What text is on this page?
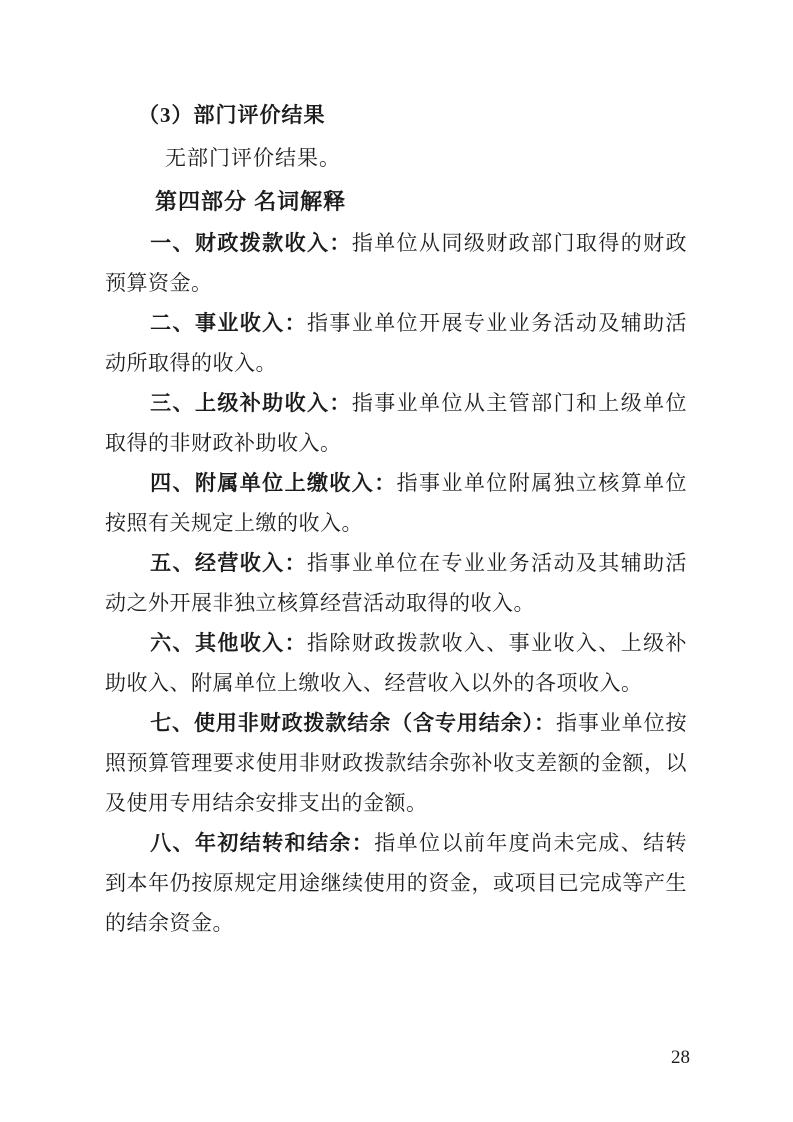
（3）部门评价结果

无部门评价结果。

第四部分 名词解释

一、财政拨款收入：指单位从同级财政部门取得的财政预算资金。

二、事业收入：指事业单位开展专业业务活动及辅助活动所取得的收入。

三、上级补助收入：指事业单位从主管部门和上级单位取得的非财政补助收入。

四、附属单位上缴收入：指事业单位附属独立核算单位按照有关规定上缴的收入。

五、经营收入：指事业单位在专业业务活动及其辅助活动之外开展非独立核算经营活动取得的收入。

六、其他收入：指除财政拨款收入、事业收入、上级补助收入、附属单位上缴收入、经营收入以外的各项收入。

七、使用非财政拨款结余（含专用结余）：指事业单位按照预算管理要求使用非财政拨款结余弥补收支差额的金额，以及使用专用结余安排支出的金额。

八、年初结转和结余：指单位以前年度尚未完成、结转到本年仍按原规定用途继续使用的资金，或项目已完成等产生的结余资金。

28
